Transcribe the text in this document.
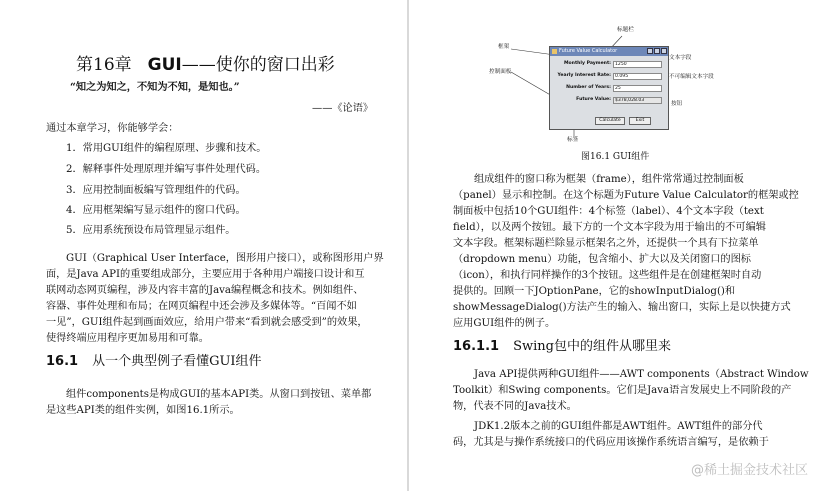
第16章 GUI——使你的窗口出彩
“知之为知之，不知为不知，是知也。”
——《论语》
通过本章学习，你能够学会：
1．常用GUI组件的编程原理、步骤和技术。
2．解释事件处理原理并编写事件处理代码。
3．应用控制面板编写管理组件的代码。
4．应用框架编写显示组件的窗口代码。
5．应用系统预设布局管理显示组件。
GUI（Graphical User Interface，图形用户接口），或称图形用户界
面，是Java API的重要组成部分，主要应用于各种用户端接口设计和互
联网动态网页编程，涉及内容丰富的Java编程概念和技术。例如组件、
容器、事件处理和布局；在网页编程中还会涉及多媒体等。“百闻不如
一见”，GUI组件起到画面效应，给用户带来“看到就会感受到”的效果，
使得终端应用程序更加易用和可靠。
16.1 从一个典型例子看懂GUI组件
组件components是构成GUI的基本API类。从窗口到按钮、菜单都
是这些API类的组件实例，如图16.1所示。
标题栏
框架
文本字段
控制面板
不可编辑文本字段
按钮
标签
Future Value Calculator
Monthly Payment: 1250
Yearly Interest Rate: 0.095
Number of Years: 25
Future Value: $378,028.03
Calculate	Exit
图16.1 GUI组件
组成组件的窗口称为框架（frame），组件常常通过控制面板
（panel）显示和控制。在这个标题为Future Value Calculator的框架或控
制面板中包括10个GUI组件：4个标签（label）、4个文本字段（text
field），以及两个按钮。最下方的一个文本字段为用于输出的不可编辑
文本字段。框架标题栏除显示框架名之外，还提供一个具有下拉菜单
（dropdown menu）功能，包含缩小、扩大以及关闭窗口的图标
（icon），和执行同样操作的3个按钮。这些组件是在创建框架时自动
提供的。回顾一下JOptionPane，它的showInputDialog()和
showMessageDialog()方法产生的输入、输出窗口，实际上是以快捷方式
应用GUI组件的例子。
16.1.1 Swing包中的组件从哪里来
Java API提供两种GUI组件——AWT components（Abstract Window
Toolkit）和Swing components。它们是Java语言发展史上不同阶段的产
物，代表不同的Java技术。
JDK1.2版本之前的GUI组件都是AWT组件。AWT组件的部分代
码，尤其是与操作系统接口的代码应用该操作系统语言编写，是依赖于
@稀土掘金技术社区
